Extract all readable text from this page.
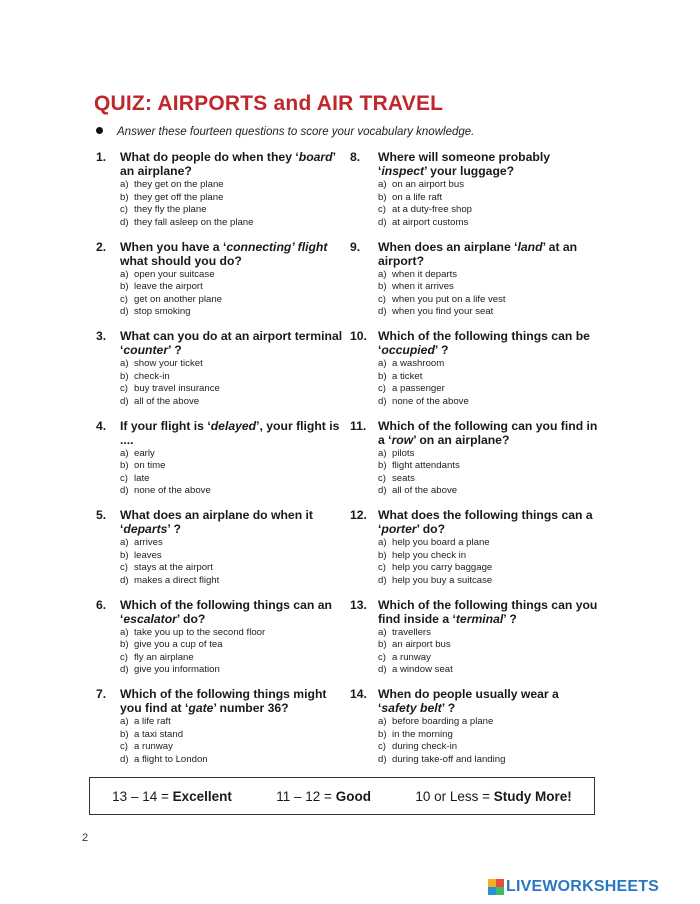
QUIZ: AIRPORTS and AIR TRAVEL
Answer these fourteen questions to score your vocabulary knowledge.
1.	What do people do when they ‘board’ an airplane?
a) they get on the plane
b) they get off the plane
c) they fly the plane
d) they fall asleep on the plane
2.	When you have a ‘connecting’ flight what should you do?
a) open your suitcase
b) leave the airport
c) get on another plane
d) stop smoking
3.	What can you do at an airport terminal ‘counter’ ?
a) show your ticket
b) check-in
c) buy travel insurance
d) all of the above
4.	If your flight is ‘delayed’, your flight is ....
a) early
b) on time
c) late
d) none of the above
5.	What does an airplane do when it ‘departs’ ?
a) arrives
b) leaves
c) stays at the airport
d) makes a direct flight
6.	Which of the following things can an ‘escalator’ do?
a) take you up to the second floor
b) give you a cup of tea
c) fly an airplane
d) give you information
7.	Which of the following things might you find at ‘gate’ number 36?
a) a life raft
b) a taxi stand
c) a runway
d) a flight to London
8.	Where will someone probably ‘inspect’ your luggage?
a) on an airport bus
b) on a life raft
c) at a duty-free shop
d) at airport customs
9.	When does an airplane ‘land’ at an airport?
a) when it departs
b) when it arrives
c) when you put on a life vest
d) when you find your seat
10. Which of the following things can be ‘occupied’ ?
a) a washroom
b) a ticket
c) a passenger
d) none of the above
11. Which of the following can you find in a ‘row’ on an airplane?
a) pilots
b) flight attendants
c) seats
d) all of the above
12. What does the following things can a ‘porter’ do?
a) help you board a plane
b) help you check in
c) help you carry baggage
d) help you buy a suitcase
13. Which of the following things can you find inside a ‘terminal’ ?
a) travellers
b) an airport bus
c) a runway
d) a window seat
14. When do people usually wear a ‘safety belt’ ?
a) before boarding a plane
b) in the morning
c) during check-in
d) during take-off and landing
13 – 14 = Excellent	11 – 12 = Good	10 or Less = Study More!
2
LIVEWORKSHEETS
